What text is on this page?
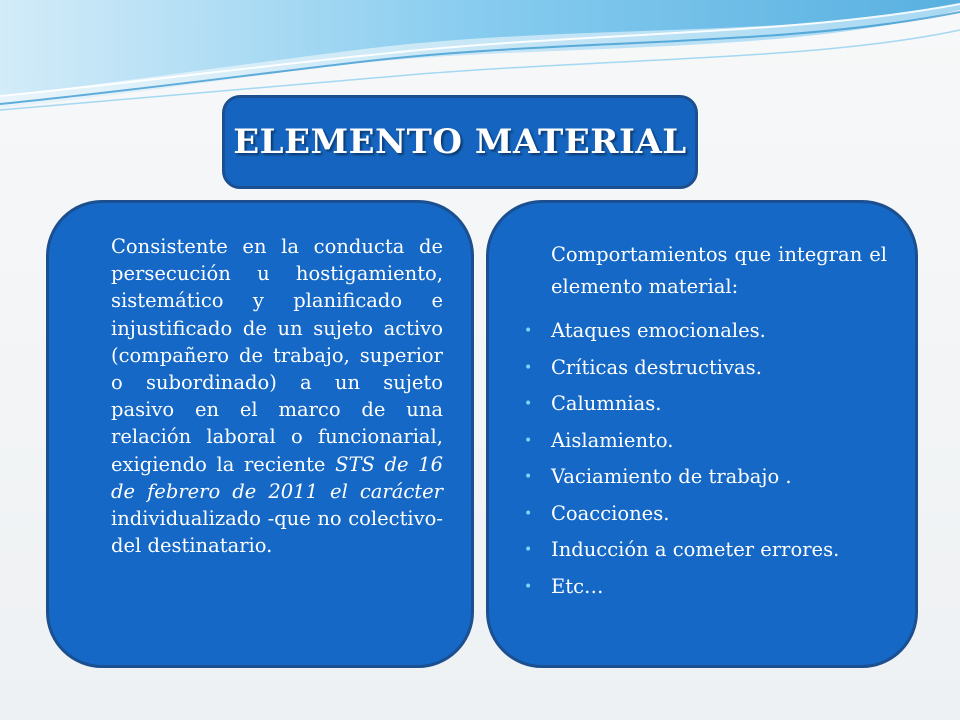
ELEMENTO MATERIAL

Consistente en la conducta de persecución u hostigamiento, sistemático y planificado e injustificado de un sujeto activo (compañero de trabajo, superior o subordinado) a un sujeto pasivo en el marco de una relación laboral o funcionarial, exigiendo la reciente STS de 16 de febrero de 2011 el carácter individualizado -que no colectivo- del destinatario.

Comportamientos que integran el elemento material:

• Ataques emocionales.
• Críticas destructivas.
• Calumnias.
• Aislamiento.
• Vaciamiento de trabajo .
• Coacciones.
• Inducción a cometer errores.
• Etc…
